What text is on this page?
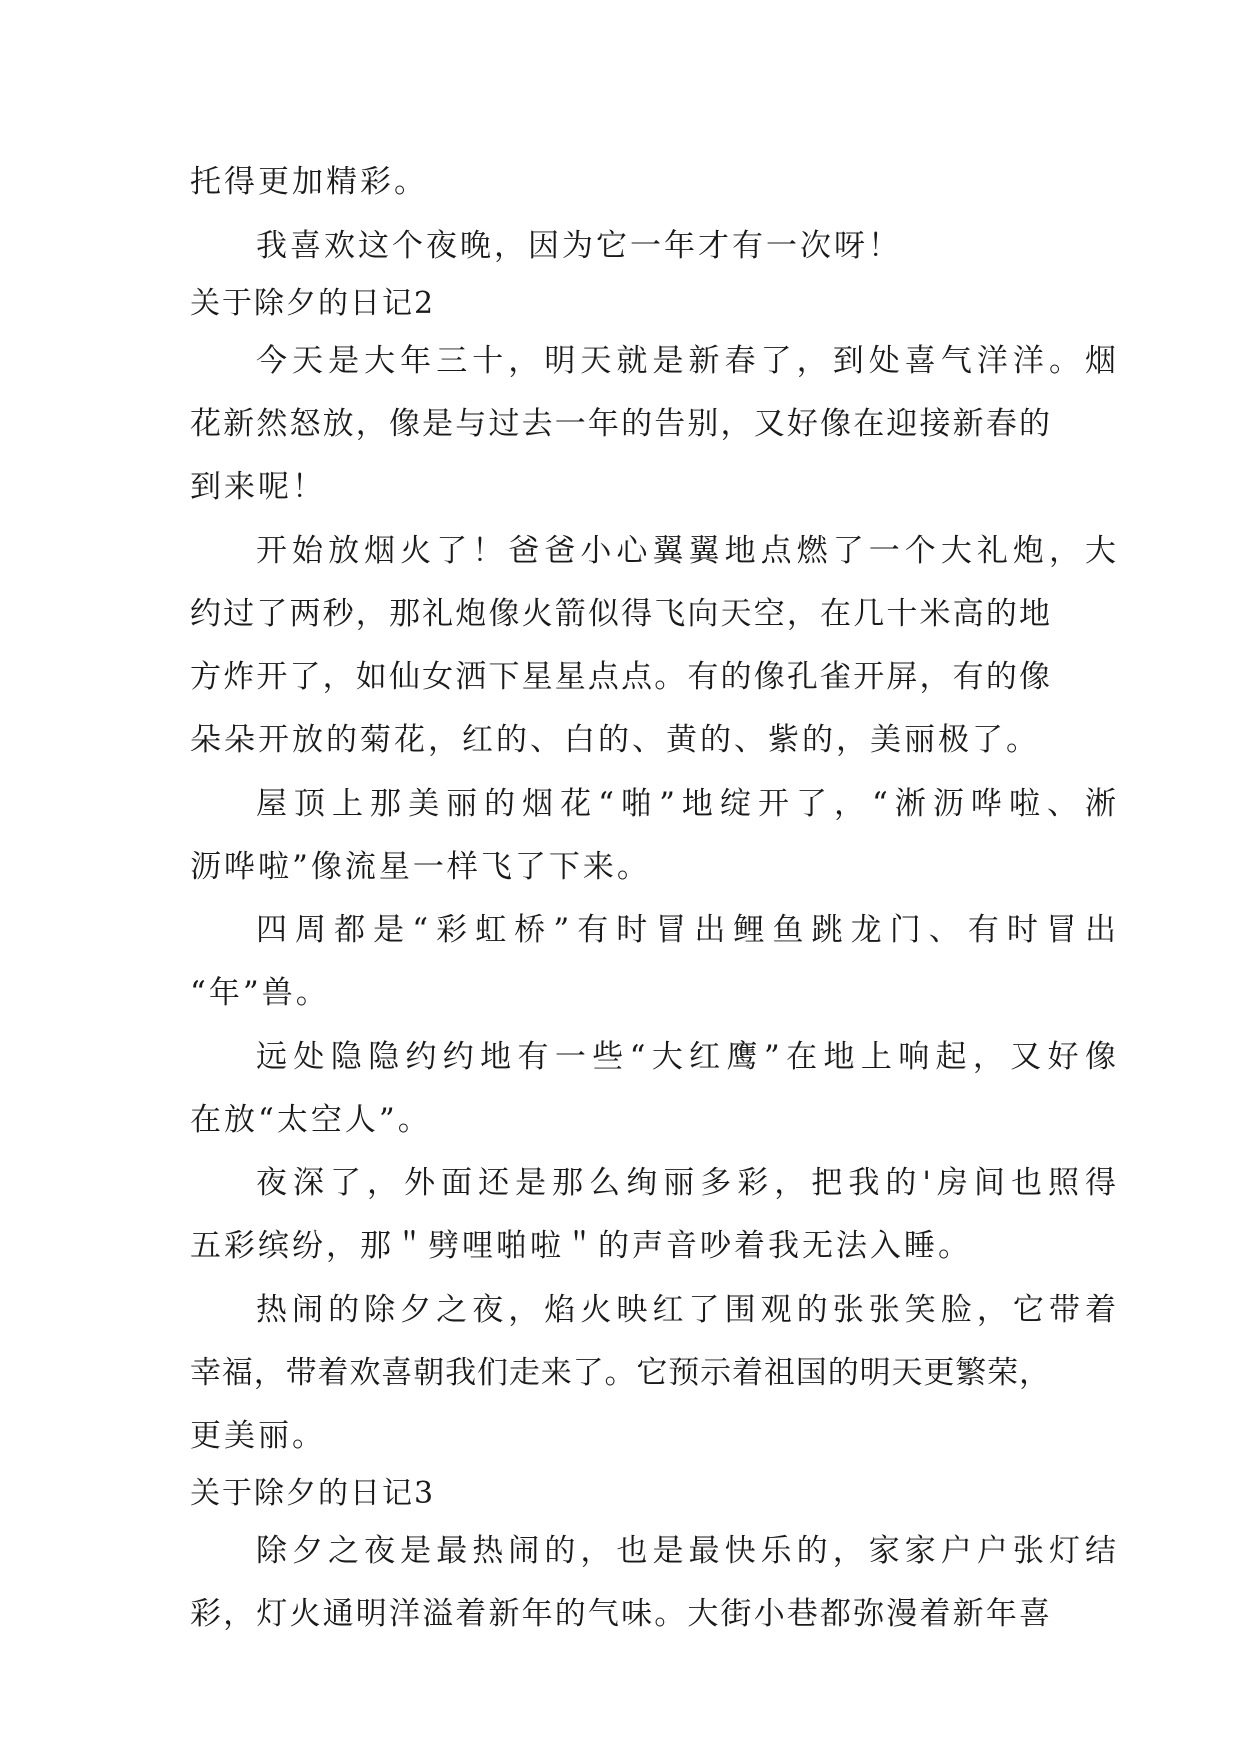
托得更加精彩。
我喜欢这个夜晚，因为它一年才有一次呀！
关于除夕的日记2
今天是大年三十，明天就是新春了，到处喜气洋洋。烟
花新然怒放，像是与过去一年的告别，又好像在迎接新春的
到来呢！
开始放烟火了！爸爸小心翼翼地点燃了一个大礼炮，大
约过了两秒，那礼炮像火箭似得飞向天空，在几十米高的地
方炸开了，如仙女洒下星星点点。有的像孔雀开屏，有的像
朵朵开放的菊花，红的、白的、黄的、紫的，美丽极了。
屋顶上那美丽的烟花“啪”地绽开了，“淅沥哗啦、淅
沥哗啦”像流星一样飞了下来。
四周都是“彩虹桥”有时冒出鲤鱼跳龙门、有时冒出
“年”兽。
远处隐隐约约地有一些“大红鹰”在地上响起，又好像
在放“太空人”。
夜深了，外面还是那么绚丽多彩，把我的'房间也照得
五彩缤纷，那＂劈哩啪啦＂的声音吵着我无法入睡。
热闹的除夕之夜，焰火映红了围观的张张笑脸，它带着
幸福，带着欢喜朝我们走来了。它预示着祖国的明天更繁荣，
更美丽。
关于除夕的日记3
除夕之夜是最热闹的，也是最快乐的，家家户户张灯结
彩，灯火通明洋溢着新年的气味。大街小巷都弥漫着新年喜
